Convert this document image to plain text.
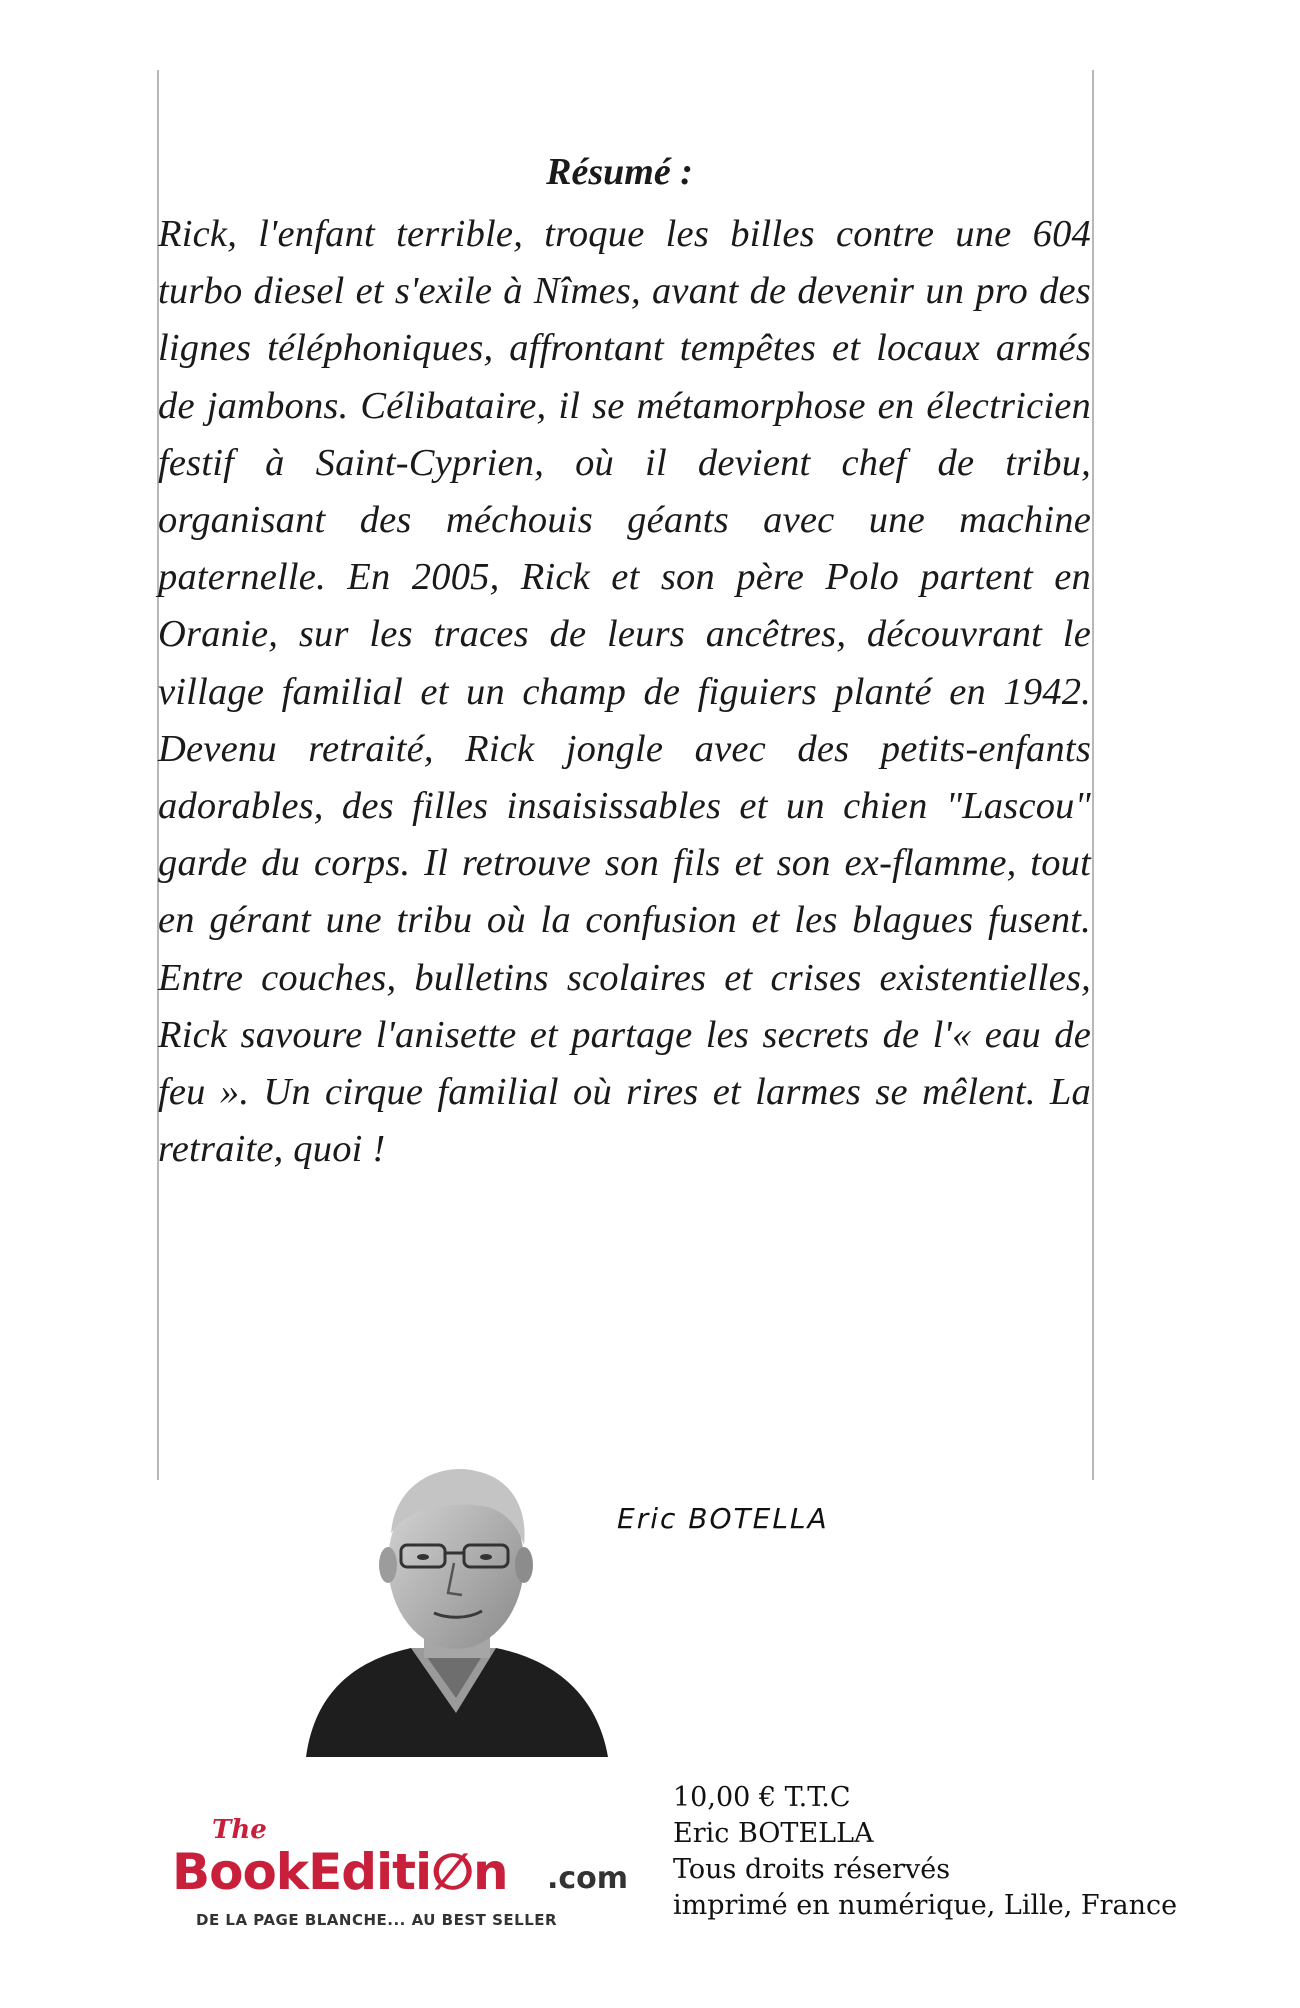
Résumé :

Rick, l'enfant terrible, troque les billes contre une 604 turbo diesel et s'exile à Nîmes, avant de devenir un pro des lignes téléphoniques, affrontant tempêtes et locaux armés de jambons. Célibataire, il se métamorphose en électricien festif à Saint-Cyprien, où il devient chef de tribu, organisant des méchouis géants avec une machine paternelle. En 2005, Rick et son père Polo partent en Oranie, sur les traces de leurs ancêtres, découvrant le village familial et un champ de figuiers planté en 1942. Devenu retraité, Rick jongle avec des petits-enfants adorables, des filles insaisissables et un chien "Lascou" garde du corps. Il retrouve son fils et son ex-flamme, tout en gérant une tribu où la confusion et les blagues fusent. Entre couches, bulletins scolaires et crises existentielles, Rick savoure l'anisette et partage les secrets de l'« eau de feu ». Un cirque familial où rires et larmes se mêlent. La retraite, quoi !

Eric BOTELLA
The
BookEditi∅n .com
DE LA PAGE BLANCHE... AU BEST SELLER
10,00 € T.T.C
Eric BOTELLA
Tous droits réservés
imprimé en numérique, Lille, France
